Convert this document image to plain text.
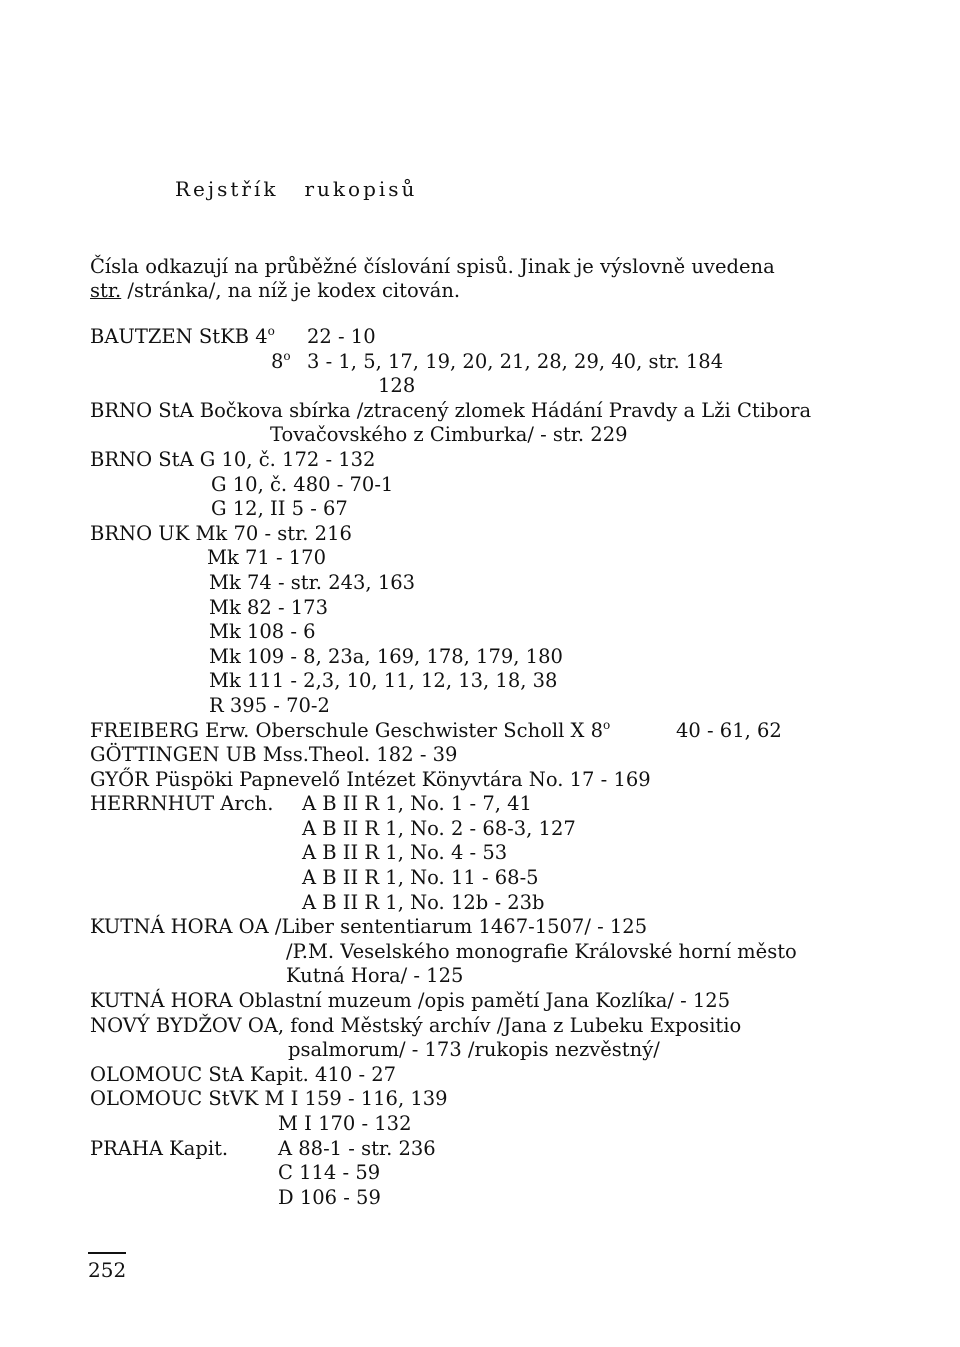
Rejstřík rukopisů
Čísla odkazují na průběžné číslování spisů. Jinak je výslovně uvedena
str. /stránka/, na níž je kodex citován.
BAUTZEN StKB 4$^o$ 22 - 10
8$^o$ 3 - 1, 5, 17, 19, 20, 21, 28, 29, 40, str. 184
128
BRNO StA Bočkova sbírka /ztracený zlomek Hádání Pravdy a Lži Ctibora
Tovačovského z Cimburka/ - str. 229
BRNO StA G 10, č. 172 - 132
G 10, č. 480 - 70-1
G 12, II 5 - 67
BRNO UK Mk 70 - str. 216
Mk 71 - 170
Mk 74 - str. 243, 163
Mk 82 - 173
Mk 108 - 6
Mk 109 - 8, 23a, 169, 178, 179, 180
Mk 111 - 2,3, 10, 11, 12, 13, 18, 38
R 395 - 70-2
FREIBERG Erw. Oberschule Geschwister Scholl X 8$^o$	40 - 61, 62
GÖTTINGEN UB Mss.Theol. 182 - 39
GYŐR Püspöki Papnevelő Intézet Könyvtára No. 17 - 169
HERRNHUT Arch. A B II R 1, No. 1 - 7, 41
A B II R 1, No. 2 - 68-3, 127
A B II R 1, No. 4 - 53
A B II R 1, No. 11 - 68-5
A B II R 1, No. 12b - 23b
KUTNÁ HORA OA /Liber sententiarum 1467-1507/ - 125
/P.M. Veselského monografie Královské horní město
Kutná Hora/ - 125
KUTNÁ HORA Oblastní muzeum /opis pamětí Jana Kozlíka/ - 125
NOVÝ BYDŽOV OA, fond Městský archív /Jana z Lubeku Expositio
psalmorum/ - 173 /rukopis nezvěstný/
OLOMOUC StA Kapit. 410 - 27
OLOMOUC StVK M I 159 - 116, 139
M I 170 - 132
PRAHA Kapit.	A 88-1 - str. 236
C 114 - 59
D 106 - 59
252
